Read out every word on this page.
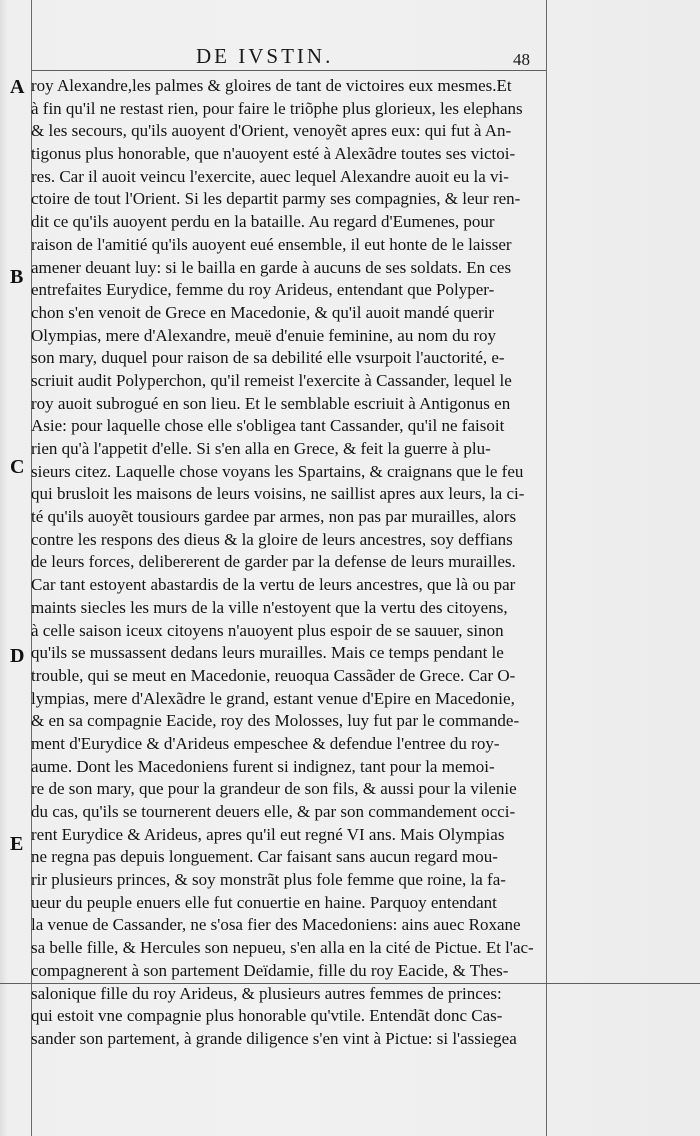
DE IVSTIN.	48
A
B
C
D
E
roy Alexandre,les palmes & gloires de tant de victoires eux mesmes.Et
à fin qu'il ne restast rien, pour faire le triõphe plus glorieux, les elephans
& les secours, qu'ils auoyent d'Orient, venoyẽt apres eux: qui fut à An-
tigonus plus honorable, que n'auoyent esté à Alexãdre toutes ses victoi-
res. Car il auoit veincu l'exercite, auec lequel Alexandre auoit eu la vi-
ctoire de tout l'Orient. Si les departit parmy ses compagnies, & leur ren-
dit ce qu'ils auoyent perdu en la bataille. Au regard d'Eumenes, pour
raison de l'amitié qu'ils auoyent eué ensemble, il eut honte de le laisser
amener deuant luy: si le bailla en garde à aucuns de ses soldats. En ces
entrefaites Eurydice, femme du roy Arideus, entendant que Polyper-
chon s'en venoit de Grece en Macedonie, & qu'il auoit mandé querir
Olympias, mere d'Alexandre, meuë d'enuie feminine, au nom du roy
son mary, duquel pour raison de sa debilité elle vsurpoit l'auctorité, e-
scriuit audit Polyperchon, qu'il remeist l'exercite à Cassander, lequel le
roy auoit subrogué en son lieu. Et le semblable escriuit à Antigonus en
Asie: pour laquelle chose elle s'obligea tant Cassander, qu'il ne faisoit
rien qu'à l'appetit d'elle. Si s'en alla en Grece, & feit la guerre à plu-
sieurs citez. Laquelle chose voyans les Spartains, & craignans que le feu
qui brusloit les maisons de leurs voisins, ne saillist apres aux leurs, la ci-
té qu'ils auoyẽt tousiours gardee par armes, non pas par murailles, alors
contre les respons des dieus & la gloire de leurs ancestres, soy deffians
de leurs forces, delibererent de garder par la defense de leurs murailles.
Car tant estoyent abastardis de la vertu de leurs ancestres, que là ou par
maints siecles les murs de la ville n'estoyent que la vertu des citoyens,
à celle saison iceux citoyens n'auoyent plus espoir de se sauuer, sinon
qu'ils se mussassent dedans leurs murailles. Mais ce temps pendant le
trouble, qui se meut en Macedonie, reuoqua Cassãder de Grece. Car O-
lympias, mere d'Alexãdre le grand, estant venue d'Epire en Macedonie,
& en sa compagnie Eacide, roy des Molosses, luy fut par le commande-
ment d'Eurydice & d'Arideus empeschee & defendue l'entree du roy-
aume. Dont les Macedoniens furent si indignez, tant pour la memoi-
re de son mary, que pour la grandeur de son fils, & aussi pour la vilenie
du cas, qu'ils se tournerent deuers elle, & par son commandement occi-
rent Eurydice & Arideus, apres qu'il eut regné VI ans. Mais Olympias
ne regna pas depuis longuement. Car faisant sans aucun regard mou-
rir plusieurs princes, & soy monstrãt plus fole femme que roine, la fa-
ueur du peuple enuers elle fut conuertie en haine. Parquoy entendant
la venue de Cassander, ne s'osa fier des Macedoniens: ains auec Roxane
sa belle fille, & Hercules son nepueu, s'en alla en la cité de Pictue. Et l'ac-
compagnerent à son partement Deïdamie, fille du roy Eacide, & Thes-
salonique fille du roy Arideus, & plusieurs autres femmes de princes:
qui estoit vne compagnie plus honorable qu'vtile. Entendãt donc Cas-
sander son partement, à grande diligence s'en vint à Pictue: si l'assiegea
